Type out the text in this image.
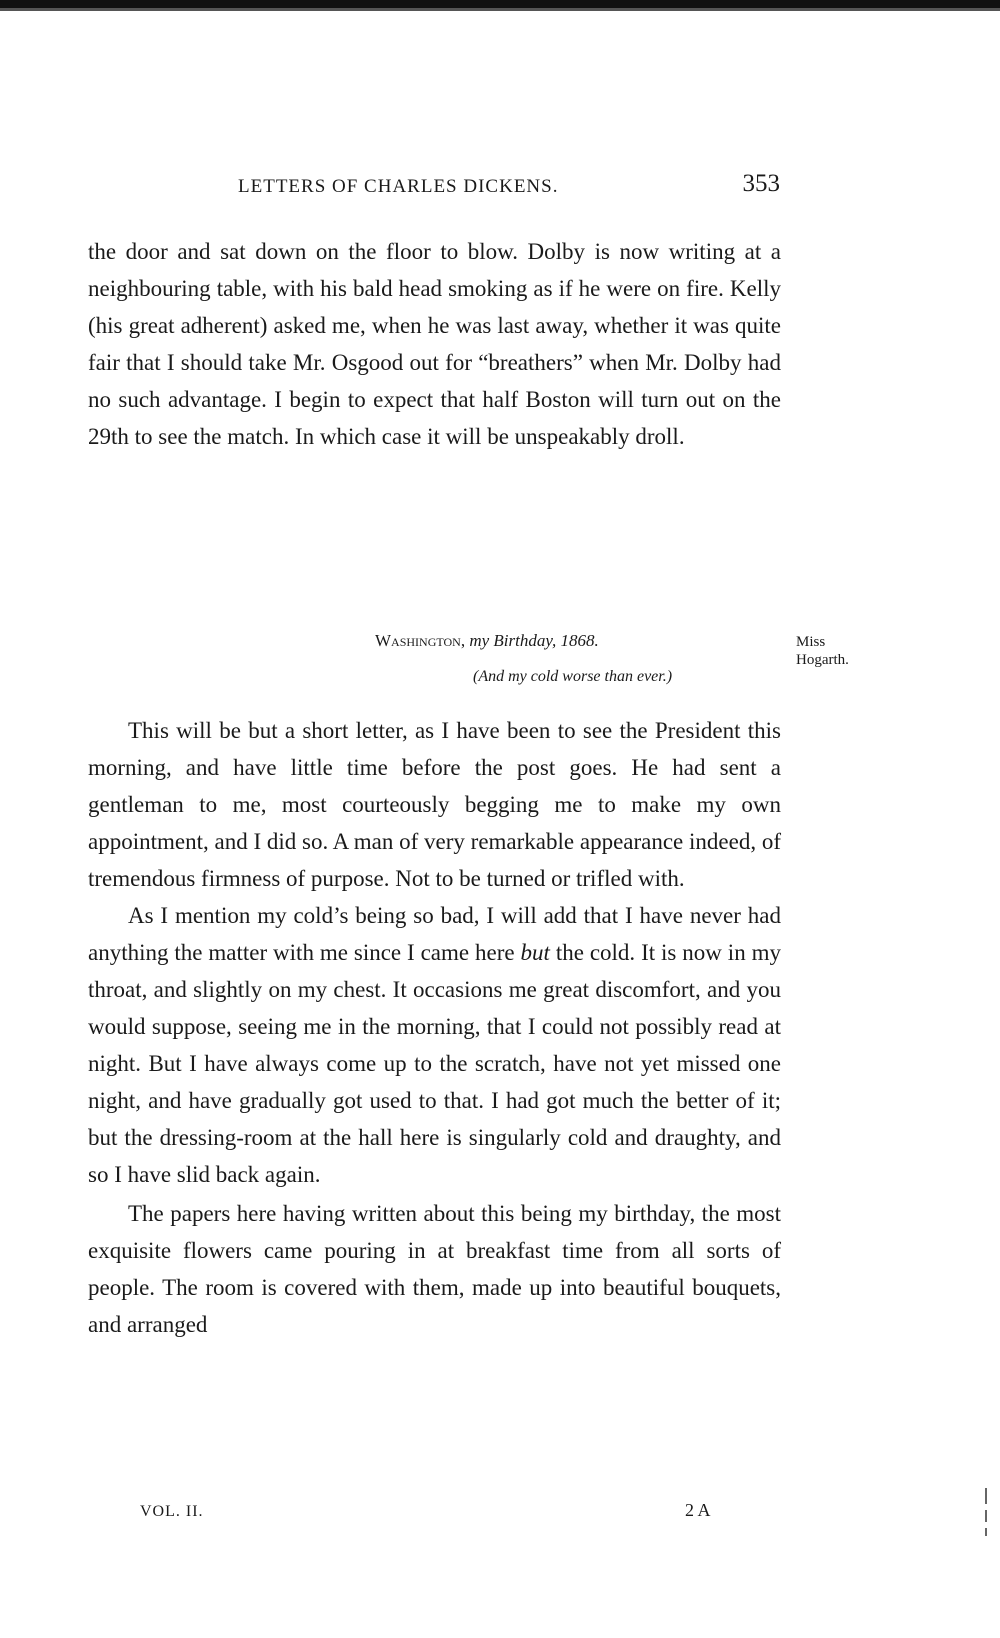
LETTERS OF CHARLES DICKENS.	353

the door and sat down on the floor to blow. Dolby is now writing at a neighbouring table, with his bald head smoking as if he were on fire. Kelly (his great adherent) asked me, when he was last away, whether it was quite fair that I should take Mr. Osgood out for “breathers” when Mr. Dolby had no such advantage. I begin to expect that half Boston will turn out on the 29th to see the match. In which case it will be unspeakably droll.

Washington, my Birthday, 1868.
(And my cold worse than ever.)
Miss
Hogarth.

This will be but a short letter, as I have been to see the President this morning, and have little time before the post goes. He had sent a gentleman to me, most courteously begging me to make my own appointment, and I did so. A man of very remarkable appearance indeed, of tremendous firmness of purpose. Not to be turned or trifled with.

As I mention my cold’s being so bad, I will add that I have never had anything the matter with me since I came here but the cold. It is now in my throat, and slightly on my chest. It occasions me great discomfort, and you would suppose, seeing me in the morning, that I could not possibly read at night. But I have always come up to the scratch, have not yet missed one night, and have gradually got used to that. I had got much the better of it; but the dressing-room at the hall here is singularly cold and draughty, and so I have slid back again.

The papers here having written about this being my birthday, the most exquisite flowers came pouring in at breakfast time from all sorts of people. The room is covered with them, made up into beautiful bouquets, and arranged

VOL. II.	2 A
